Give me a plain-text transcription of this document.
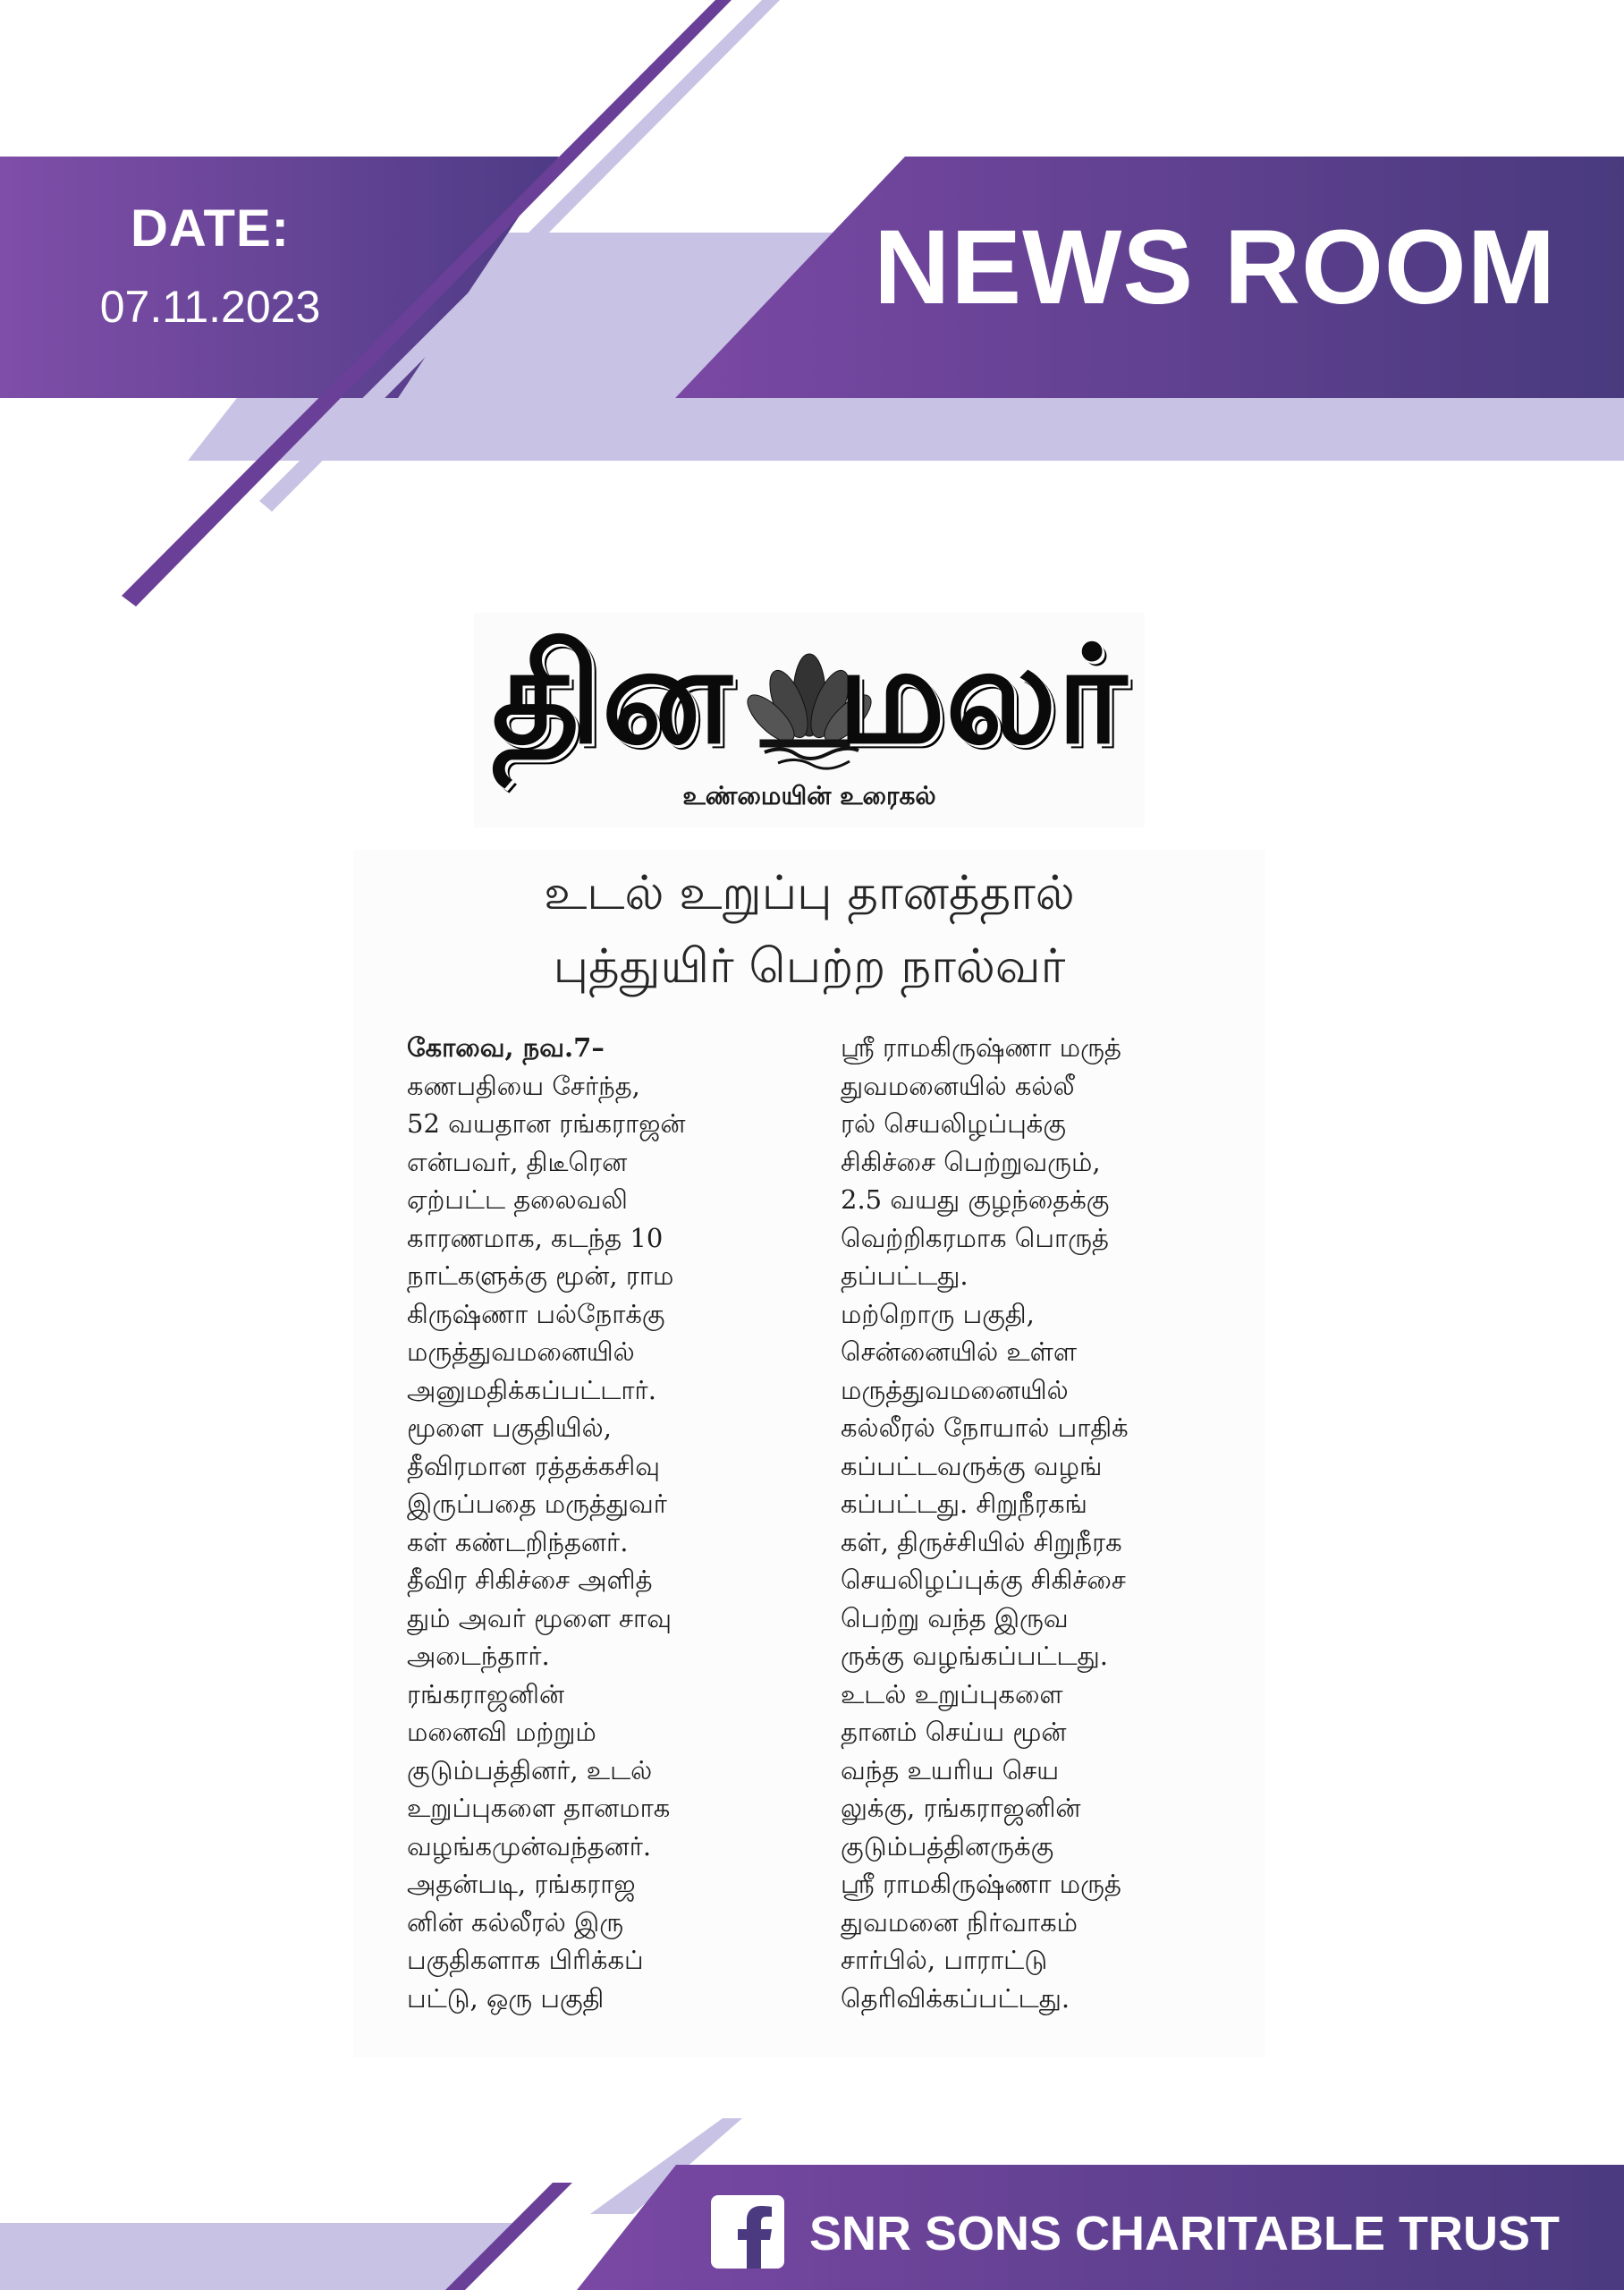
DATE:
07.11.2023	NEWS ROOM
தின மலர்
உண்மையின் உரைகல்
உடல் உறுப்பு தானத்தால்
புத்துயிர் பெற்ற நால்வர்
கோவை, நவ.7–
கணபதியை சேர்ந்த,
52 வயதான ரங்கராஜன்
என்பவர், திடீரென
ஏற்பட்ட தலைவலி
காரணமாக, கடந்த 10
நாட்களுக்கு மூன், ராம
கிருஷ்ணா பல்நோக்கு
மருத்துவமனையில்
அனுமதிக்கப்பட்டார்.
மூளை பகுதியில்,
தீவிரமான ரத்தக்கசிவு
இருப்பதை மருத்துவர்
கள் கண்டறிந்தனர்.
தீவிர சிகிச்சை அளித்
தும் அவர் மூளை சாவு
அடைந்தார்.
ரங்கராஜனின்
மனைவி மற்றும்
குடும்பத்தினர், உடல்
உறுப்புகளை தானமாக
வழங்கமுன்வந்தனர்.
அதன்படி, ரங்கராஜ
னின் கல்லீரல் இரு
பகுதிகளாக பிரிக்கப்
பட்டு, ஒரு பகுதி
ஸ்ரீ ராமகிருஷ்ணா மருத்
துவமனையில் கல்லீ
ரல் செயலிழப்புக்கு
சிகிச்சை பெற்றுவரும்,
2.5 வயது குழந்தைக்கு
வெற்றிகரமாக பொருத்
தப்பட்டது.
மற்றொரு பகுதி,
சென்னையில் உள்ள
மருத்துவமனையில்
கல்லீரல் நோயால் பாதிக்
கப்பட்டவருக்கு வழங்
கப்பட்டது. சிறுநீரகங்
கள், திருச்சியில் சிறுநீரக
செயலிழப்புக்கு சிகிச்சை
பெற்று வந்த இருவ
ருக்கு வழங்கப்பட்டது.
உடல் உறுப்புகளை
தானம் செய்ய மூன்
வந்த உயரிய செய
லுக்கு, ரங்கராஜனின்
குடும்பத்தினருக்கு
ஸ்ரீ ராமகிருஷ்ணா மருத்
துவமனை நிர்வாகம்
சார்பில், பாராட்டு
தெரிவிக்கப்பட்டது.
SNR SONS CHARITABLE TRUST
